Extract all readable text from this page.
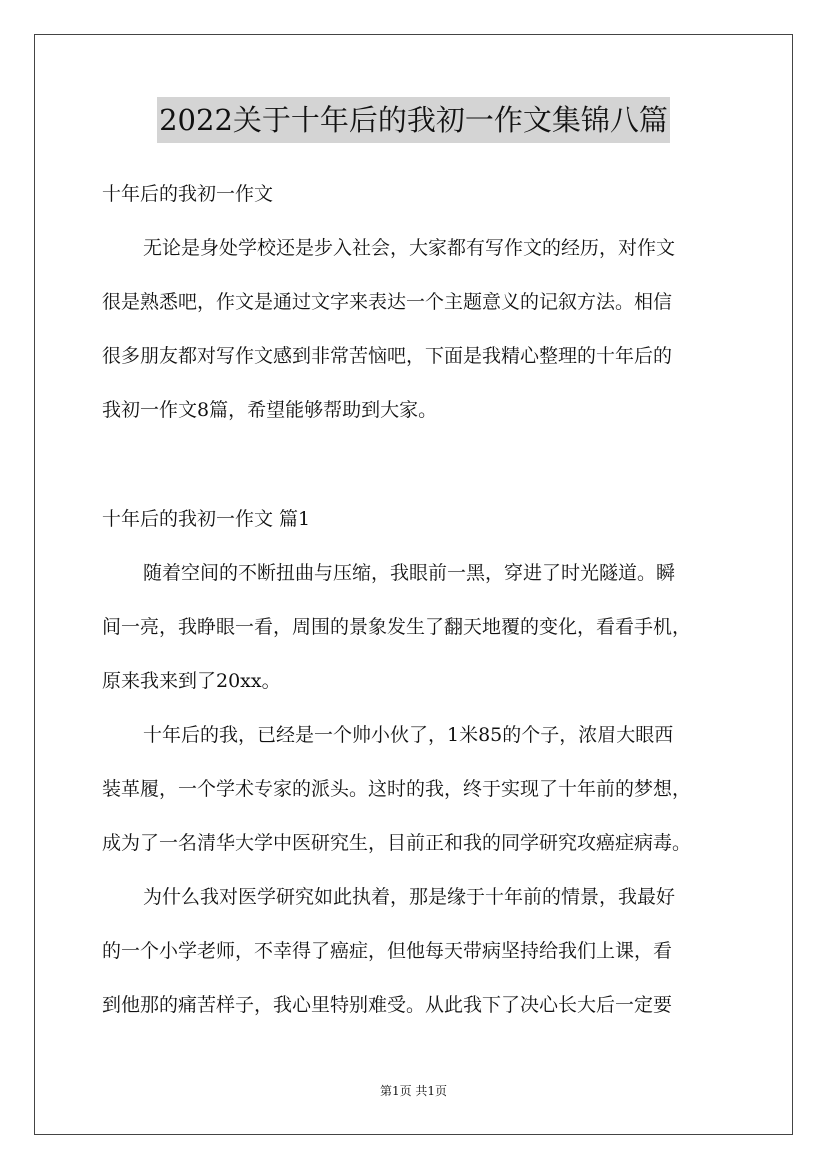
2022关于十年后的我初一作文集锦八篇
十年后的我初一作文
无论是身处学校还是步入社会，大家都有写作文的经历，对作文
很是熟悉吧，作文是通过文字来表达一个主题意义的记叙方法。相信
很多朋友都对写作文感到非常苦恼吧，下面是我精心整理的十年后的
我初一作文8篇，希望能够帮助到大家。
十年后的我初一作文 篇1
随着空间的不断扭曲与压缩，我眼前一黑，穿进了时光隧道。瞬
间一亮，我睁眼一看，周围的景象发生了翻天地覆的变化，看看手机，
原来我来到了20xx。
十年后的我，已经是一个帅小伙了，1米85的个子，浓眉大眼西
装革履，一个学术专家的派头。这时的我，终于实现了十年前的梦想，
成为了一名清华大学中医研究生，目前正和我的同学研究攻癌症病毒。
为什么我对医学研究如此执着，那是缘于十年前的情景，我最好
的一个小学老师，不幸得了癌症，但他每天带病坚持给我们上课，看
到他那的痛苦样子，我心里特别难受。从此我下了决心长大后一定要
第1页 共1页
